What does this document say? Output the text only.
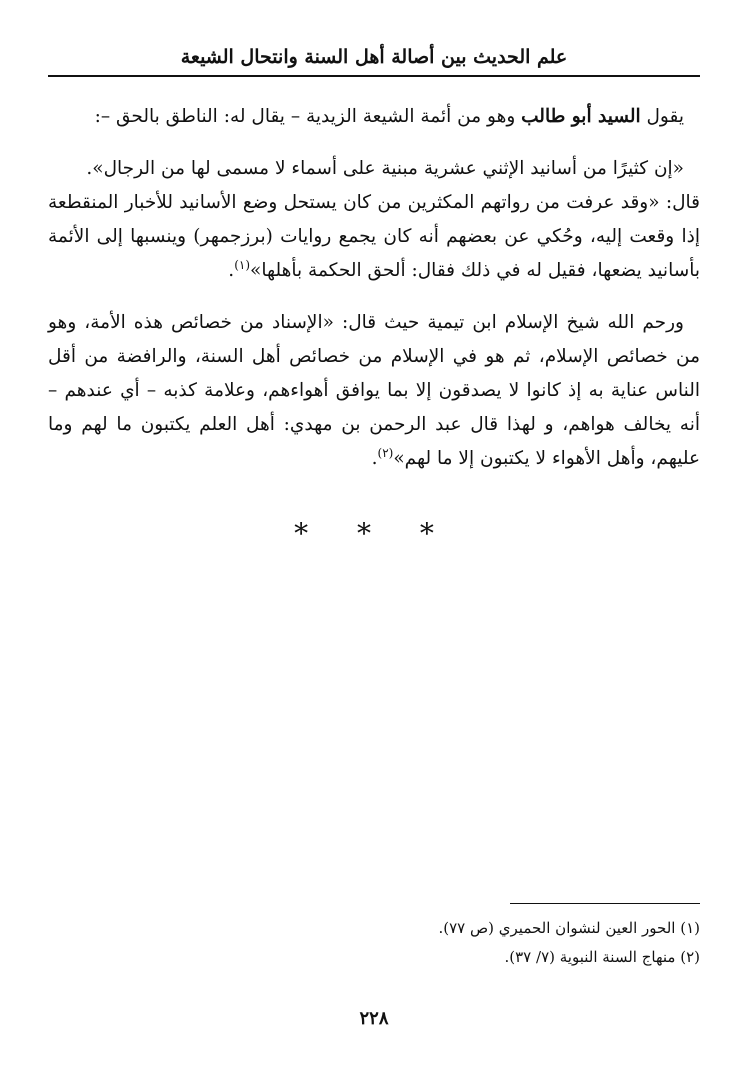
علم الحديث بين أصالة أهل السنة وانتحال الشيعة

يقول السيد أبو طالب وهو من أئمة الشيعة الزيدية – يقال له: الناطق بالحق –:

«إن كثيرًا من أسانيد الإثني عشرية مبنية على أسماء لا مسمى لها من الرجال».
قال: «وقد عرفت من رواتهم المكثرين من كان يستحل وضع الأسانيد للأخبار المنقطعة إذا وقعت إليه، وحُكي عن بعضهم أنه كان يجمع روايات (برزجمهر) وينسبها إلى الأئمة بأسانيد يضعها، فقيل له في ذلك فقال: ألحق الحكمة بأهلها»$^{(١)}$.

ورحم الله شيخ الإسلام ابن تيمية حيث قال: «الإسناد من خصائص هذه الأمة، وهو من خصائص الإسلام، ثم هو في الإسلام من خصائص أهل السنة، والرافضة من أقل الناس عناية به إذ كانوا لا يصدقون إلا بما يوافق أهواءهم، وعلامة كذبه – أي عندهم – أنه يخالف هواهم، و لهذا قال عبد الرحمن بن مهدي: أهل العلم يكتبون ما لهم وما عليهم، وأهل الأهواء لا يكتبون إلا ما لهم»$^{(٢)}$.

* * *
(١) الحور العين لنشوان الحميري (ص ٧٧).
(٢) منهاج السنة النبوية (٧/ ٣٧).
٢٢٨
